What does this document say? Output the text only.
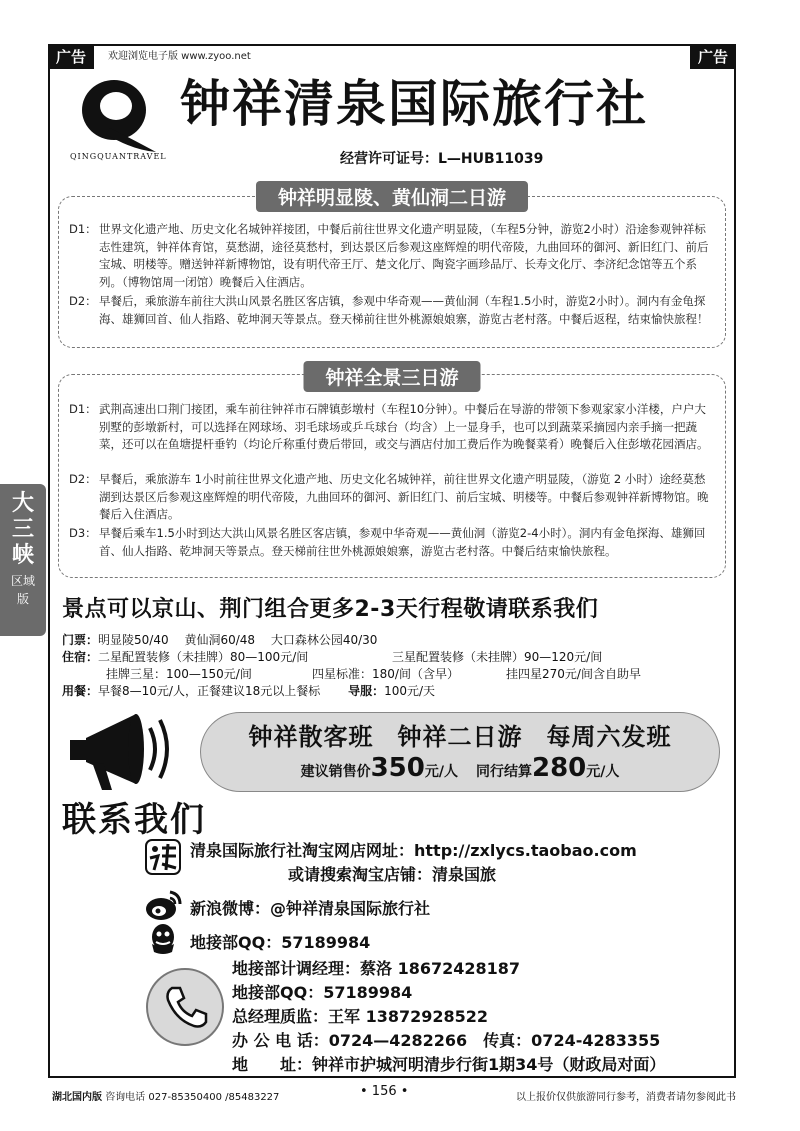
广告	欢迎浏览电子版 www.zyoo.net	广告
QINGQUANTRAVEL
钟祥清泉国际旅行社
经营许可证号：L—HUB11039
钟祥明显陵、黄仙洞二日游
D1： 世界文化遗产地、历史文化名城钟祥接团，中餐后前往世界文化遗产明显陵，（车程5分钟，游览2小时）沿途参观钟祥标志性建筑，钟祥体育馆，莫愁湖，途径莫愁村，到达景区后参观这座辉煌的明代帝陵，九曲回环的御河、新旧红门、前后宝城、明楼等。赠送钟祥新博物馆，设有明代帝王厅、楚文化厅、陶瓷字画珍品厅、长寿文化厅、李济纪念馆等五个系列。（博物馆周一闭馆）晚餐后入住酒店。
D2： 早餐后，乘旅游车前往大洪山风景名胜区客店镇，参观中华奇观——黄仙洞（车程1.5小时，游览2小时）。洞内有金龟探海、雄狮回首、仙人指路、乾坤洞天等景点。登天梯前往世外桃源娘娘寨，游览古老村落。中餐后返程，结束愉快旅程！
钟祥全景三日游
D1： 武荆高速出口荆门接团，乘车前往钟祥市石牌镇彭墩村（车程10分钟）。中餐后在导游的带领下参观家家小洋楼，户户大别墅的彭墩新村，可以选择在网球场、羽毛球场或乒乓球台（均含）上一显身手，也可以到蔬菜采摘园内亲手摘一把蔬菜，还可以在鱼塘提杆垂钓（均论斤称重付费后带回，或交与酒店付加工费后作为晚餐菜肴）晚餐后入住彭墩花园酒店。
D2： 早餐后，乘旅游车 1小时前往世界文化遗产地、历史文化名城钟祥，前往世界文化遗产明显陵，（游览 2 小时）途经莫愁湖到达景区后参观这座辉煌的明代帝陵，九曲回环的御河、新旧红门、前后宝城、明楼等。中餐后参观钟祥新博物馆。晚餐后入住酒店。
D3： 早餐后乘车1.5小时到达大洪山风景名胜区客店镇，参观中华奇观——黄仙洞（游览2-4小时）。洞内有金龟探海、雄狮回首、仙人指路、乾坤洞天等景点。登天梯前往世外桃源娘娘寨，游览古老村落。中餐后结束愉快旅程。
景点可以京山、荆门组合更多2-3天行程敬请联系我们
门票：明显陵50/40　 黄仙洞60/48　 大口森林公园40/30
住宿：二星配置装修（未挂牌）80—100元/间	三星配置装修（未挂牌）90—120元/间
挂牌三星：100—150元/间	四星标准：180/间（含早）	挂四星270元/间含自助早
用餐：早餐8—10元/人，正餐建议18元以上餐标　　 导服：100元/天
大三峡
区域版
钟祥散客班 钟祥二日游 每周六发班
建议销售价350元/人 同行结算280元/人
联系我们
清泉国际旅行社淘宝网店网址：http://zxlycs.taobao.com
或请搜索淘宝店铺：清泉国旅
新浪微博：@钟祥清泉国际旅行社
地接部QQ：57189984
地接部计调经理：蔡洛 18672428187
地接部QQ：57189984
总经理质监：王军 13872928522
办 公 电 话：0724—4282266　传真：0724-4283355
地　　址：钟祥市护城河明清步行街1期34号（财政局对面）
湖北国内版 咨询电话 027-85350400 /85483227	• 156 •	以上报价仅供旅游同行参考，消费者请勿参阅此书
